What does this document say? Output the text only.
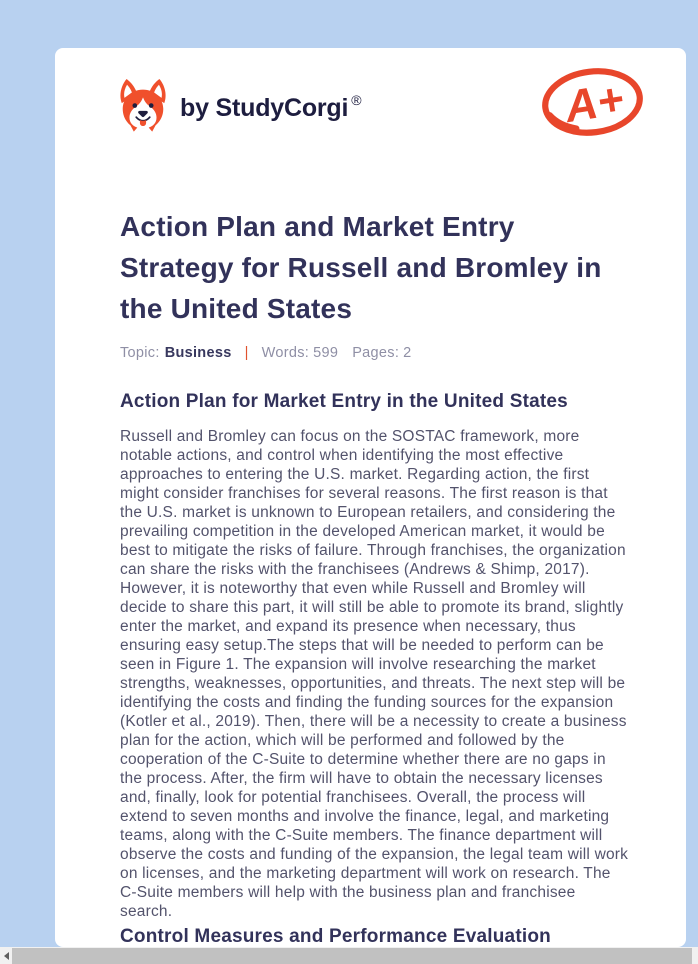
by StudyCorgi ®	A+
Action Plan and Market Entry Strategy for Russell and Bromley in the United States
Topic: Business | Words: 599 Pages: 2
Action Plan for Market Entry in the United States

Russell and Bromley can focus on the SOSTAC framework, more notable actions, and control when identifying the most effective approaches to entering the U.S. market. Regarding action, the first might consider franchises for several reasons. The first reason is that the U.S. market is unknown to European retailers, and considering the prevailing competition in the developed American market, it would be best to mitigate the risks of failure. Through franchises, the organization can share the risks with the franchisees (Andrews & Shimp, 2017). However, it is noteworthy that even while Russell and Bromley will decide to share this part, it will still be able to promote its brand, slightly enter the market, and expand its presence when necessary, thus ensuring easy setup.The steps that will be needed to perform can be seen in Figure 1. The expansion will involve researching the market strengths, weaknesses, opportunities, and threats. The next step will be identifying the costs and finding the funding sources for the expansion (Kotler et al., 2019). Then, there will be a necessity to create a business plan for the action, which will be performed and followed by the cooperation of the C-Suite to determine whether there are no gaps in the process. After, the firm will have to obtain the necessary licenses and, finally, look for potential franchisees. Overall, the process will extend to seven months and involve the finance, legal, and marketing teams, along with the C-Suite members. The finance department will observe the costs and funding of the expansion, the legal team will work on licenses, and the marketing department will work on research. The C-Suite members will help with the business plan and franchisee search.

Control Measures and Performance Evaluation
